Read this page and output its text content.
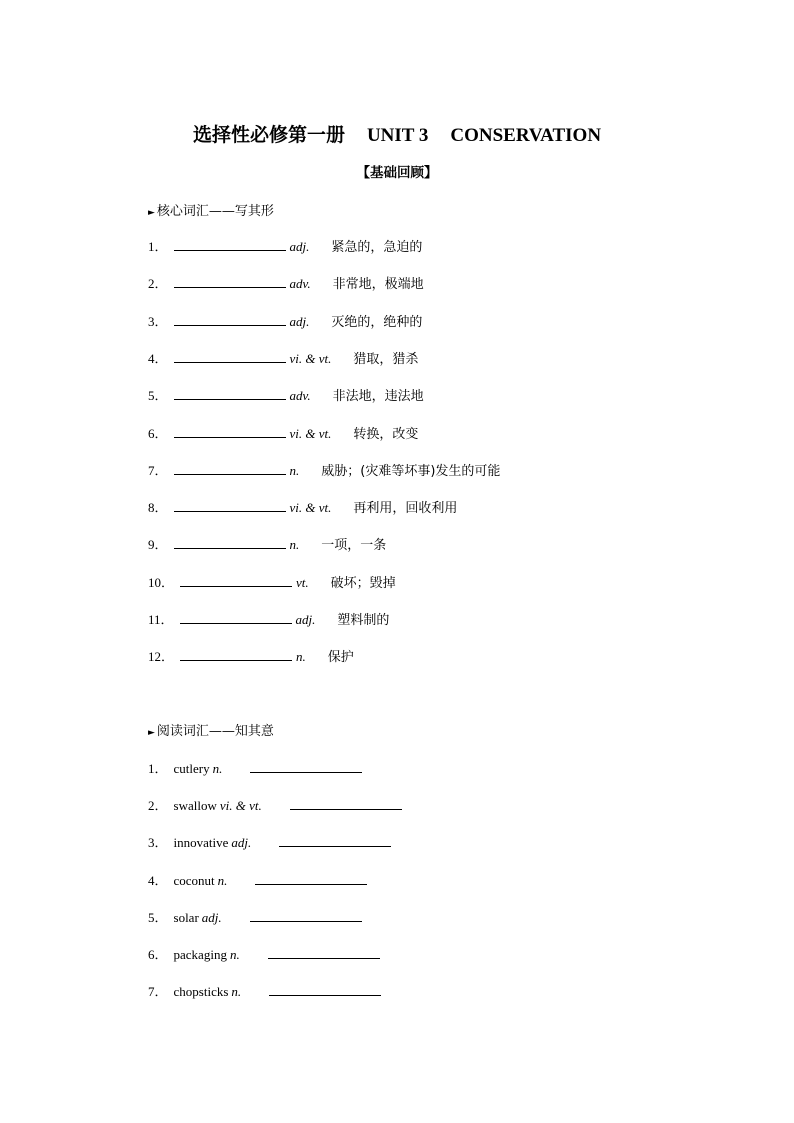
选择性必修第一册 UNIT 3 CONSERVATION
【基础回顾】
► 核心词汇——写其形
1．	adj. 紧急的，急迫的
2．	adv. 非常地，极端地
3．	adj. 灭绝的，绝种的
4．	vi. & vt. 猎取，猎杀
5．	adv. 非法地，违法地
6．	vi. & vt. 转换，改变
7．	n. 威胁；(灾难等坏事)发生的可能
8．	vi. & vt. 再利用，回收利用
9．	n. 一项，一条
10．	vt. 破坏；毁掉
11．	adj. 塑料制的
12．	n. 保护
► 阅读词汇——知其意
1． cutlery n.
2． swallow vi. & vt.
3． innovative adj.
4． coconut n.
5． solar adj.
6． packaging n.
7． chopsticks n.
